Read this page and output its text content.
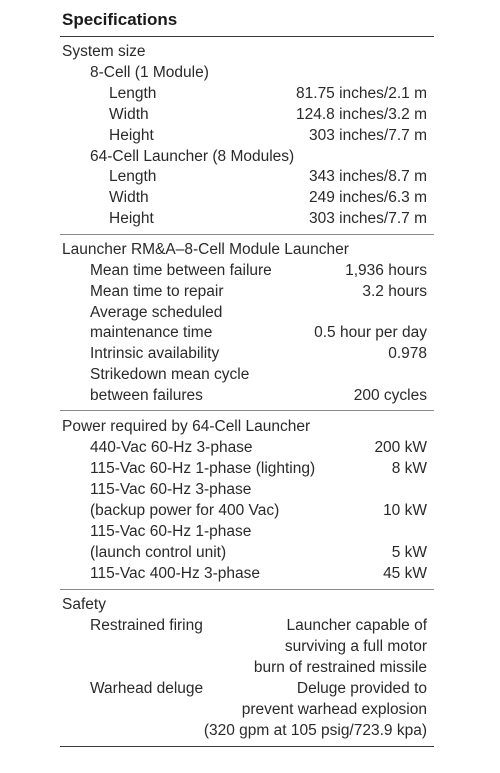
Specifications
System size
8-Cell (1 Module)
Length	81.75 inches/2.1 m
Width	124.8 inches/3.2 m
Height	303 inches/7.7 m
64-Cell Launcher (8 Modules)
Length	343 inches/8.7 m
Width	249 inches/6.3 m
Height	303 inches/7.7 m
Launcher RM&A–8-Cell Module Launcher
Mean time between failure	1,936 hours
Mean time to repair	3.2 hours
Average scheduled
maintenance time	0.5 hour per day
Intrinsic availability	0.978
Strikedown mean cycle
between failures	200 cycles
Power required by 64-Cell Launcher
440-Vac 60-Hz 3-phase	200 kW
115-Vac 60-Hz 1-phase (lighting)	8 kW
115-Vac 60-Hz 3-phase
(backup power for 400 Vac)	10 kW
115-Vac 60-Hz 1-phase
(launch control unit)	5 kW
115-Vac 400-Hz 3-phase	45 kW
Safety
Restrained firing	Launcher capable of
surviving a full motor
burn of restrained missile
Warhead deluge	Deluge provided to
prevent warhead explosion
(320 gpm at 105 psig/723.9 kpa)
